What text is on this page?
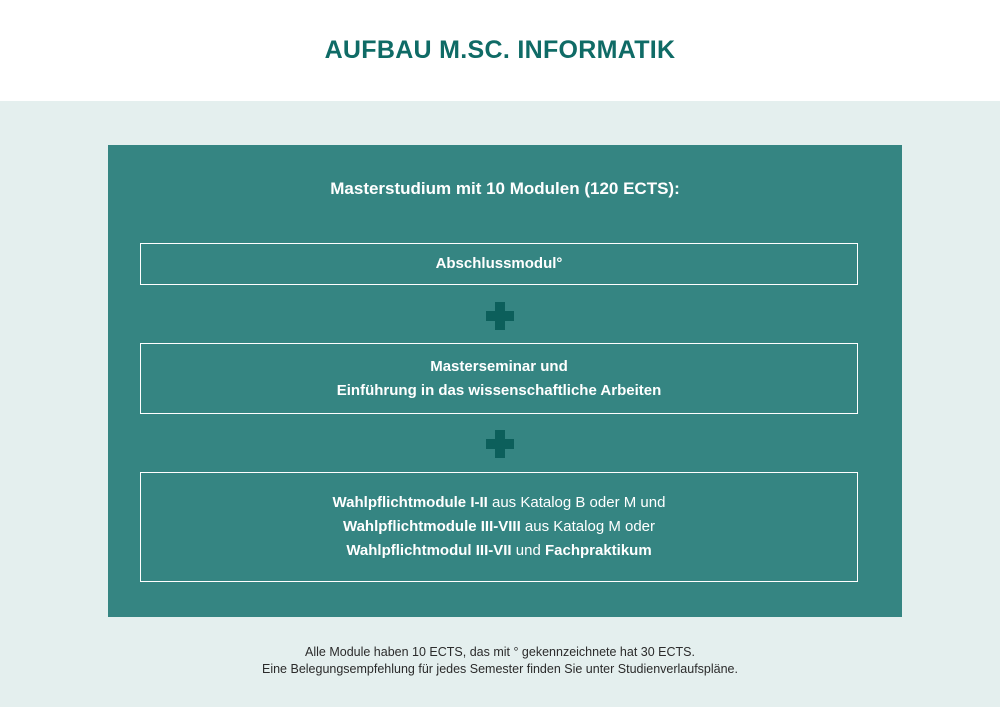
AUFBAU M.SC. INFORMATIK
Masterstudium mit 10 Modulen (120 ECTS):
Abschlussmodul°
Masterseminar und
Einführung in das wissenschaftliche Arbeiten
Wahlpflichtmodule I-II aus Katalog B oder M und
Wahlpflichtmodule III-VIII aus Katalog M oder
Wahlpflichtmodul III-VII und Fachpraktikum
Alle Module haben 10 ECTS, das mit ° gekennzeichnete hat 30 ECTS.
Eine Belegungsempfehlung für jedes Semester finden Sie unter Studienverlaufspläne.
